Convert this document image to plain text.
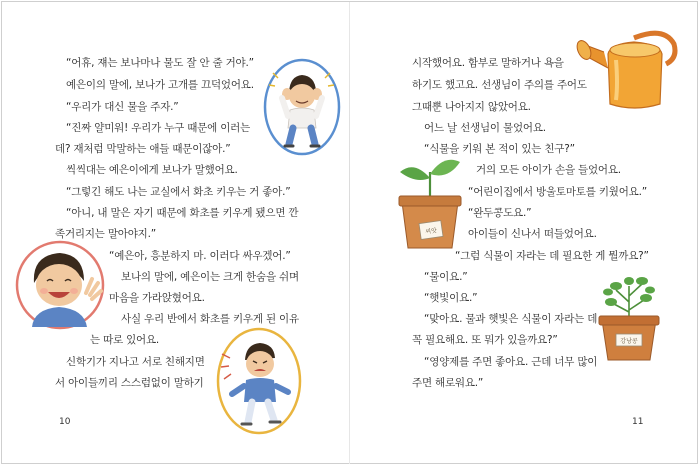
“어휴, 쟤는 보나마나 물도 잘 안 줄 거야.”
예은이의 말에, 보나가 고개를 끄덕었어요.
“우리가 대신 물을 주자.”
“진짜 얄미워! 우리가 누구 때문에 이러는
데? 재처럼 막말하는 애들 때문이잖아.”
씩씩대는 예은이에게 보나가 말했어요.
“그렇긴 해도 나는 교실에서 화초 키우는 거 좋아.”
“아니, 내 말은 자기 때문에 화초를 키우게 됐으면 깐
족거리지는 말아야지.”
“예은아, 흥분하지 마. 이러다 싸우겠어.”
보나의 말에, 예은이는 크게 한숨을 쉬며
마음을 가라앉혔어요.
사실 우리 반에서 화초를 키우게 된 이유
는 따로 있어요.
신학기가 지나고 서로 친해지면
서 아이들끼리 스스럼없이 말하기
10
시작했어요. 함부로 말하거나 욕을
하기도 했고요. 선생님이 주의를 주어도
그때뿐 나아지지 않았어요.
어느 날 선생님이 물었어요.
“식물을 키워 본 적이 있는 친구?”
거의 모든 아이가 손을 들었어요.
“어린이집에서 방울토마토를 키웠어요.”
“완두콩도요.”
아이들이 신나서 떠들었어요.
“그럼 식물이 자라는 데 필요한 게 뭘까요?”
“물이요.”
“햇빛이요.”
“맞아요. 물과 햇빛은 식물이 자라는 데
꼭 필요해요. 또 뭐가 있을까요?”
“영양제를 주면 좋아요. 근데 너무 많이
주면 해로워요.”
11
씨앗
강낭콩
